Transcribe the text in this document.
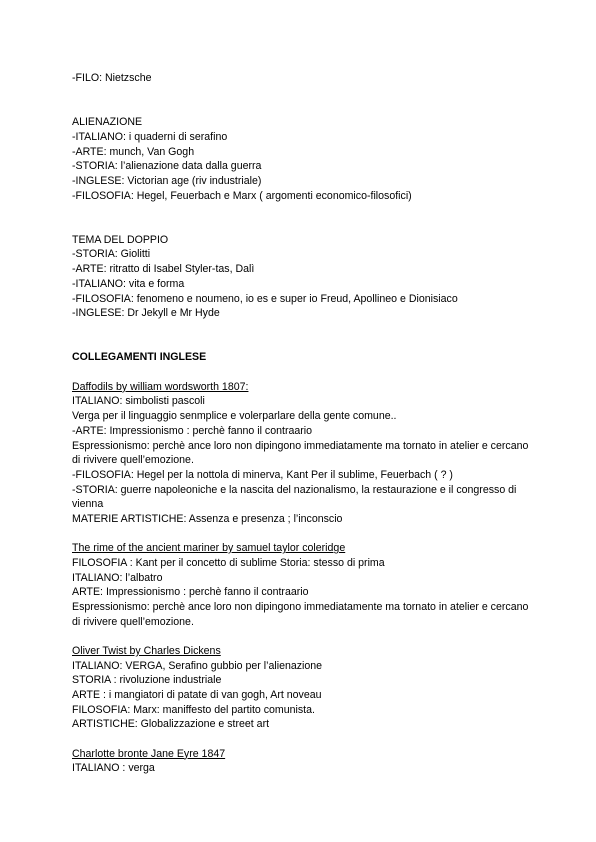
-FILO: Nietzsche
ALIENAZIONE
-ITALIANO: i quaderni di serafino
-ARTE: munch, Van Gogh
-STORIA: l’alienazione data dalla guerra
-INGLESE: Victorian age (riv industriale)
-FILOSOFIA: Hegel, Feuerbach e Marx ( argomenti economico-filosofici)
TEMA DEL DOPPIO
-STORIA: Giolitti
-ARTE: ritratto di Isabel Styler-tas, Dalì
-ITALIANO: vita e forma
-FILOSOFIA: fenomeno e noumeno, io es e super io Freud, Apollineo e Dionisiaco
-INGLESE: Dr Jekyll e Mr Hyde
COLLEGAMENTI INGLESE
Daffodils by william wordsworth 1807:
ITALIANO: simbolisti pascoli
Verga per il linguaggio senmplice e volerparlare della gente comune..
-ARTE: Impressionismo : perchè fanno il contraario
Espressionismo: perchè ance loro non dipingono immediatamente ma tornato in atelier e cercano di rivivere quell’emozione.
-FILOSOFIA: Hegel per la nottola di minerva, Kant Per il sublime, Feuerbach ( ? )
-STORIA: guerre napoleoniche e la nascita del nazionalismo, la restaurazione e il congresso di vienna
MATERIE ARTISTICHE: Assenza e presenza ; l’inconscio
The rime of the ancient mariner by samuel taylor coleridge
FILOSOFIA : Kant per il concetto di sublime Storia: stesso di prima
ITALIANO: l’albatro
ARTE: Impressionismo : perchè fanno il contraario
Espressionismo: perchè ance loro non dipingono immediatamente ma tornato in atelier e cercano di rivivere quell’emozione.
Oliver Twist by Charles Dickens
ITALIANO: VERGA, Serafino gubbio per l’alienazione
STORIA : rivoluzione industriale
ARTE : i mangiatori di patate di van gogh, Art noveau
FILOSOFIA: Marx: maniffesto del partito comunista.
ARTISTICHE: Globalizzazione e street art
Charlotte bronte Jane Eyre 1847
ITALIANO : verga
